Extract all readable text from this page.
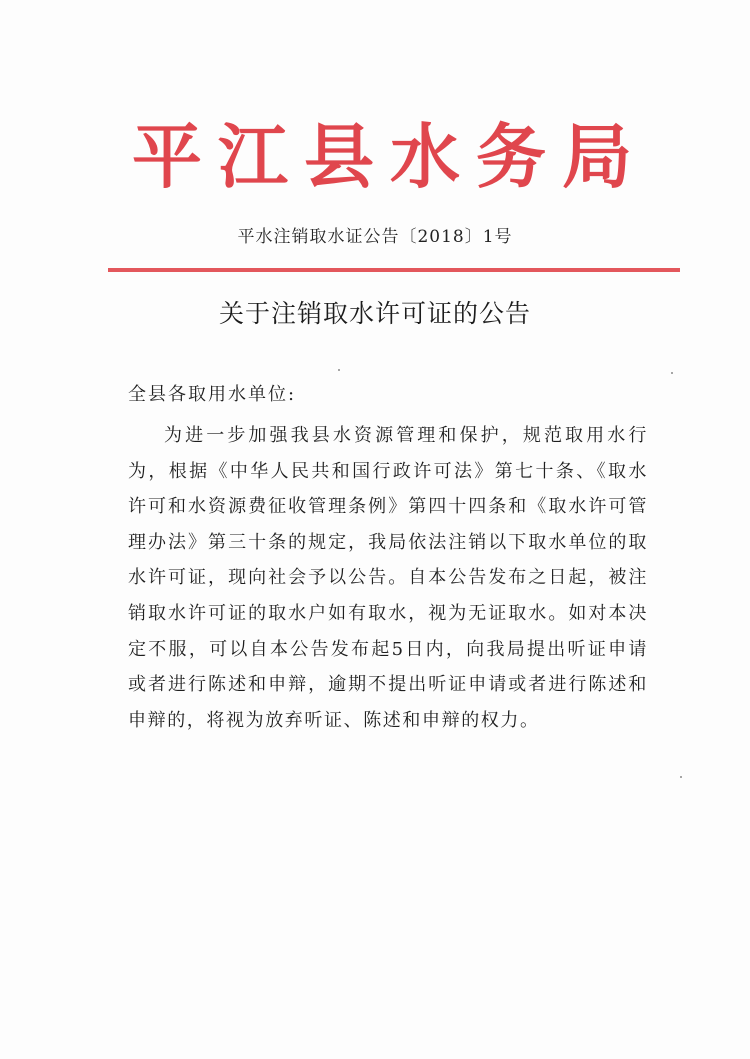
平江县水务局
平水注销取水证公告〔2018〕1号
关于注销取水许可证的公告
全县各取用水单位:
为进一步加强我县水资源管理和保护，规范取用水行为，根据《中华人民共和国行政许可法》第七十条、《取水许可和水资源费征收管理条例》第四十四条和《取水许可管理办法》第三十条的规定，我局依法注销以下取水单位的取水许可证，现向社会予以公告。自本公告发布之日起，被注销取水许可证的取水户如有取水，视为无证取水。如对本决定不服，可以自本公告发布起5日内，向我局提出听证申请或者进行陈述和申辩，逾期不提出听证申请或者进行陈述和申辩的，将视为放弃听证、陈述和申辩的权力。
